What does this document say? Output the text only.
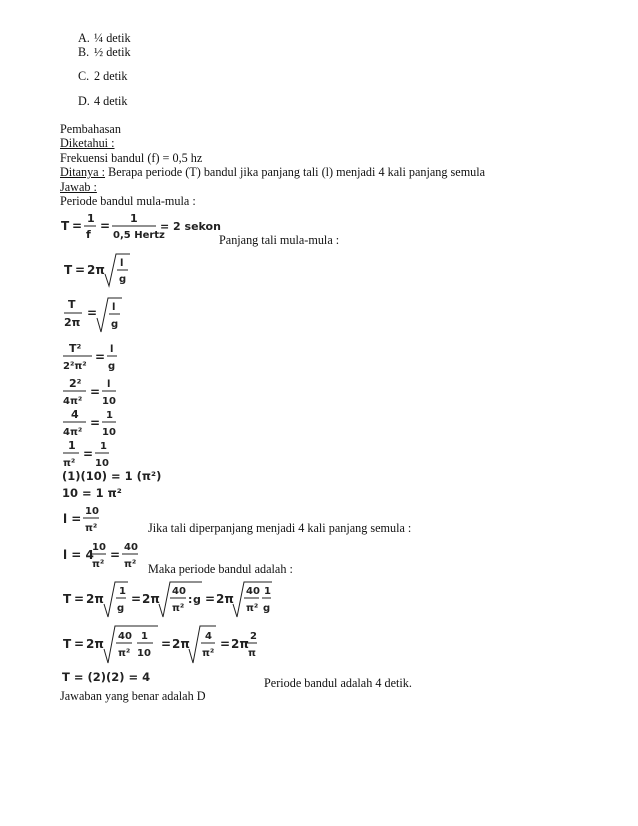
A. ¼ detik
B. ½ detik
C. 2 detik
D. 4 detik
Pembahasan
Diketahui :
Frekuensi bandul (f) = 0,5 hz
Ditanya : Berapa periode (T) bandul jika panjang tali (l) menjadi 4 kali panjang semula
Jawab :
Periode bandul mula-mula :
T =
1
f
=
1
0,5 Hertz
= 2 sekon
Panjang tali mula-mula :
T = 2π l
g
T
2π
= l
g
T²
2²π²
=
l
g
2²
4π²
=
l
10
4
4π²
=
1
10
1
π²
=
1
10
(1)(10) = 1 (π²)
10 = 1 π²
l =
10
π²	Jika tali diperpanjang menjadi 4 kali panjang semula :
l = 4
10
π²
=
40
π² Maka periode bandul adalah :
T = 2π
1
g
= 2π
40
π²
: g = 2π
40
π²
1
g
T = 2π
40
π²
1
10
= 2π
4
π²
= 2π
2
π
T = (2)(2) = 4	Periode bandul adalah 4 detik.
Jawaban yang benar adalah D
